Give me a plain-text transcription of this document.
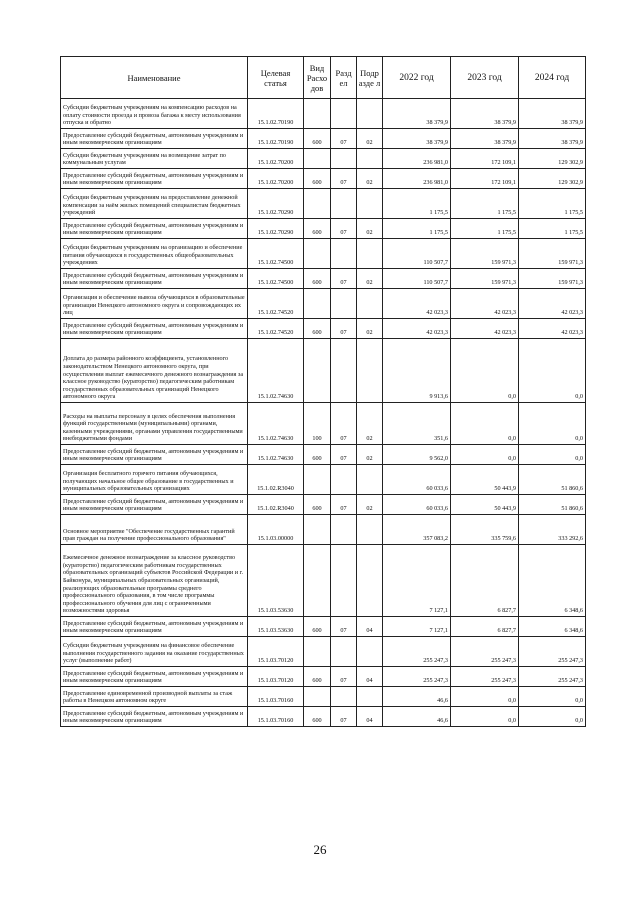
Наименование	Целевая статья	Вид Расхо дов	Разд ел	Подр азде л	2022 год	2023 год	2024 год
Субсидии бюджетным учреждениям на компенсацию расходов на оплату стоимости проезда и провоза багажа к месту использования отпуска и обратно	15.1.02.70190				38 379,9	38 379,9	38 379,9
Предоставление субсидий бюджетным, автономным учреждениям и иным некоммерческим организациям	15.1.02.70190	600	07	02	38 379,9	38 379,9	38 379,9
Субсидии бюджетным учреждениям на возмещение затрат по коммунальным услугам	15.1.02.70200				236 981,0	172 109,1	129 302,9
Предоставление субсидий бюджетным, автономным учреждениям и иным некоммерческим организациям	15.1.02.70200	600	07	02	236 981,0	172 109,1	129 302,9
Субсидии бюджетным учреждениям на предоставление денежной компенсации за наём жилых помещений специалистам бюджетных учреждений	15.1.02.70290				1 175,5	1 175,5	1 175,5
Предоставление субсидий бюджетным, автономным учреждениям и иным некоммерческим организациям	15.1.02.70290	600	07	02	1 175,5	1 175,5	1 175,5
Субсидии бюджетным учреждениям на организацию и обеспечение питания обучающихся в государственных общеобразовательных учреждениях	15.1.02.74500				110 507,7	159 971,3	159 971,3
Предоставление субсидий бюджетным, автономным учреждениям и иным некоммерческим организациям	15.1.02.74500	600	07	02	110 507,7	159 971,3	159 971,3
Организация и обеспечение вывоза обучающихся в образовательные организации Ненецкого автономного округа и сопровождающих их лиц	15.1.02.74520				42 023,3	42 023,3	42 023,3
Предоставление субсидий бюджетным, автономным учреждениям и иным некоммерческим организациям	15.1.02.74520	600	07	02	42 023,3	42 023,3	42 023,3
Доплата до размера районного коэффициента, установленного законодательством Ненецкого автономного округа, при осуществлении выплат ежемесячного денежного вознаграждения за классное руководство (кураторство) педагогическим работникам государственных образовательных организаций Ненецкого автономного округа	15.1.02.74630				9 913,6	0,0	0,0
Расходы на выплаты персоналу в целях обеспечения выполнения функций государственными (муниципальными) органами, казенными учреждениями, органами управления государственными внебюджетными фондами	15.1.02.74630	100	07	02	351,6	0,0	0,0
Предоставление субсидий бюджетным, автономным учреждениям и иным некоммерческим организациям	15.1.02.74630	600	07	02	9 562,0	0,0	0,0
Организация бесплатного горячего питания обучающихся, получающих начальное общее образование в государственных и муниципальных образовательных организациях	15.1.02.R3040				60 033,6	50 443,9	51 860,6
Предоставление субсидий бюджетным, автономным учреждениям и иным некоммерческим организациям	15.1.02.R3040	600	07	02	60 033,6	50 443,9	51 860,6
Основное мероприятие "Обеспечение государственных гарантий прав граждан на получение профессионального образования"	15.1.03.00000				357 083,2	335 759,6	333 292,6
Ежемесячное денежное вознаграждение за классное руководство (кураторство) педагогическим работникам государственных образовательных организаций субъектов Российской Федерации и г. Байконура, муниципальных образовательных организаций, реализующих образовательные программы среднего профессионального образования, в том числе программы профессионального обучения для лиц с ограниченными возможностями здоровья	15.1.03.53630				7 127,1	6 827,7	6 348,6
Предоставление субсидий бюджетным, автономным учреждениям и иным некоммерческим организациям	15.1.03.53630	600	07	04	7 127,1	6 827,7	6 348,6
Субсидии бюджетным учреждениям на финансовое обеспечение выполнения государственного задания на оказание государственных услуг (выполнение работ)	15.1.03.70120				255 247,3	255 247,3	255 247,3
Предоставление субсидий бюджетным, автономным учреждениям и иным некоммерческим организациям	15.1.03.70120	600	07	04	255 247,3	255 247,3	255 247,3
Предоставление единовременной производной выплаты за стаж работы в Ненецком автономном округе	15.1.03.70160				46,6	0,0	0,0
Предоставление субсидий бюджетным, автономным учреждениям и иным некоммерческим организациям	15.1.03.70160	600	07	04	46,6	0,0	0,0
26
